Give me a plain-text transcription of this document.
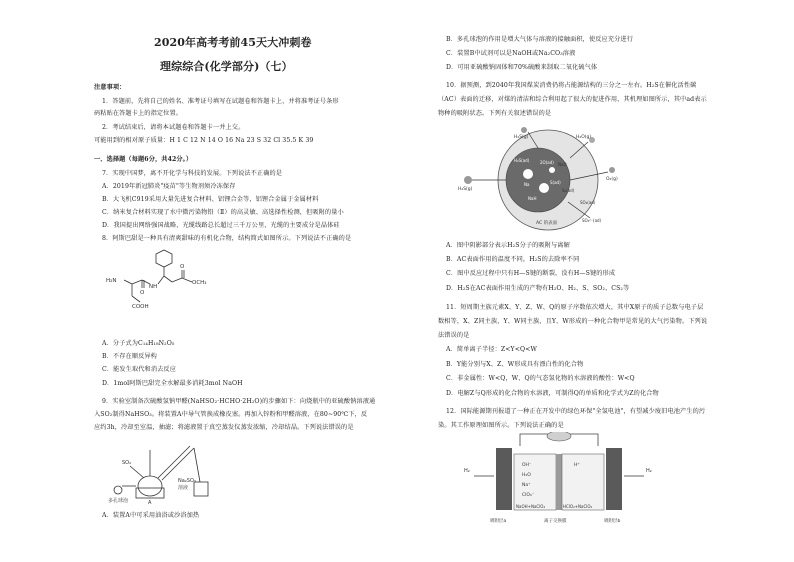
2020年高考考前45天大冲刺卷
理综综合(化学部分)（七）
注意事项：
1．答题前，先将自己的姓名、准考证号填写在试题卷和答题卡上，并将准考证号条形
码粘贴在答题卡上的指定位置。
2．考试结束后，请将本试题卷和答题卡一并上交。
可能用到的相对原子质量：H 1 C 12 N 14 O 16 Na 23 S 32 Cl 35.5 K 39
一、选择题（每题6分，共42分。）
7．实现中国梦，离不开化学与科技的发展。下列说法不正确的是
A．2019年新冠肺炎"疫苗"等生物剂须冷冻保存
B．大飞机C919采用大量先进复合材料、铝锂合金等，铝锂合金属于金属材料
C．纳米复合材料实现了水中微污染物铅（Ⅱ）的高灵敏、高选择性检测，但吸附的量小
D．我国提出网络强国战略，光缆线路总长超过三千万公里，光缆的主要成分是晶体硅
8．阿斯巴甜是一种具有清爽甜味的有机化合物，结构简式如图所示。下列说法不正确的是
H₂N
NH
OCH₃
O
O
COOH
A．分子式为C₁₄H₁₈N₂O₅
B．不存在顺反异构
C．能发生取代和消去反应
D．1mol阿斯巴甜完全水解最多消耗3mol NaOH
9．实验室制备次硫酸氢钠甲醛(NaHSO₂·HCHO·2H₂O)的步骤如下：向烧瓶中的亚硫酸钠溶液通
入SO₂制得NaHSO₃。将装置A中导气管换成橡皮塞。再加入锌粉和甲醛溶液，在80~90℃下，反
应约3h，冷却至室温，抽滤；将滤液置于真空蒸发仪蒸发浓缩，冷却结晶。下列说法错误的是
SO₂
Na₂SO₃
溶液
A
多孔球泡
A．装置A中可采用油浴或沙浴加热
B．多孔球泡的作用是增大气体与溶液的接触面积，使反应充分进行
C．装置B中试剂可以是NaOH或Na₂CO₃溶液
D．可用亚硫酸钠固体和70%硫酸来制取二氧化硫气体
10．据预测，到2040年我国煤炭消费仍将占能源结构的三分之一左右。H₂S在催化活性碳
（AC）表面的迁移，对煤的清洁和综合利用起了很大的促进作用，其机理如图所示，其中ad表示
物种的吸附状态。下列有关叙述错误的是
H₂S(g)
H₂S(g)
H₂O(g)
O₂(g)
AC 的表面
NaO
SO₂(ad)
SO₄²⁻(ad)
S₂(ad)
H₂S(ad)	2O(ad)
Na
NaH
S(ad)
A．图中阴影部分表示H₂S分子的吸附与离解
B．AC表面作用的温度不同，H₂S的去除率不同
C．图中反应过程中只有H—S键的断裂，没有H—S键的形成
D．H₂S在AC表面作用生成的产物有H₂O、H₂、S、SO₂、CS₂等
11．短周期主族元素X、Y、Z、W、Q的原子序数依次增大，其中X原子的质子总数与电子层
数相等，X、Z同主族，Y、W同主族，且Y、W形成的一种化合物甲是常见的大气污染物。下列说
法错误的是
A．简单离子半径：Z<Y<Q<W
B．Y能分别与X、Z、W形成具有漂白性的化合物
C．非金属性：W<Q，W、Q的气态氢化物的水溶液的酸性：W<Q
D．电解Z与Q形成的化合物的水溶液，可制得Q的单质和化学式为Z的化合物
12．国际能源期刊报道了一种正在开发中的绿色环保"全氢电池"，有望减少废旧电池产生的污
染。其工作原理如图所示。下列说法正确的是
H₂	H₂
OH⁻
H₂O
Na⁺
ClO₄⁻
H⁺
NaOH+NaClO₄	HClO₄+NaClO₄
吸附层a	离子交换膜	吸附层b
